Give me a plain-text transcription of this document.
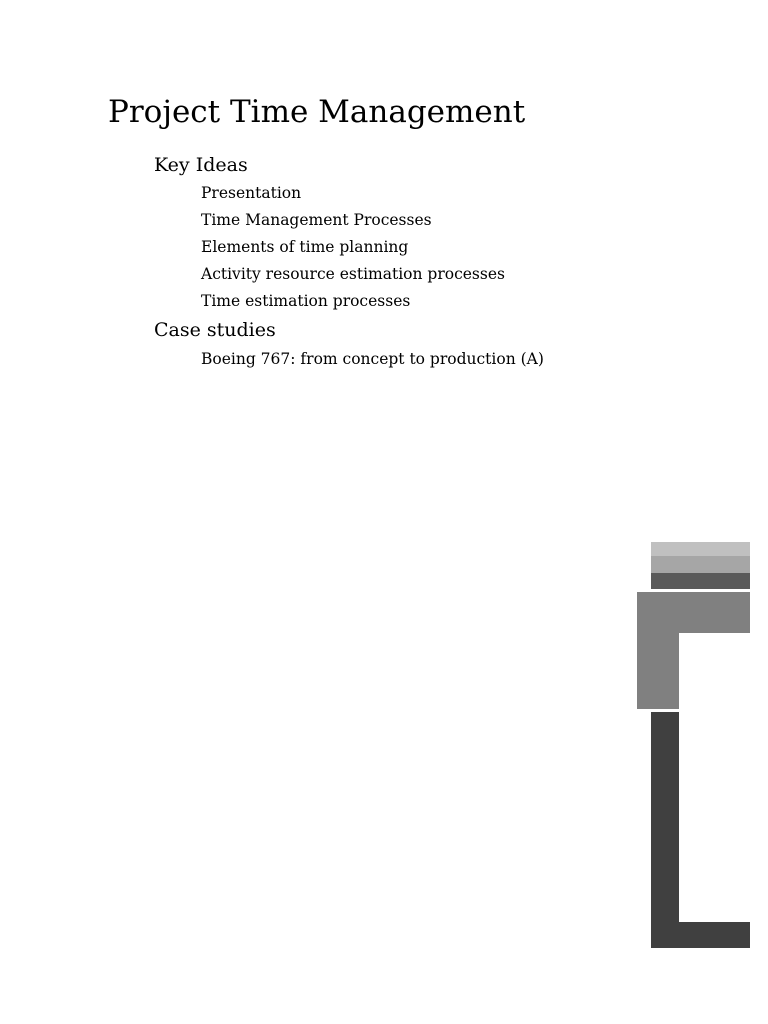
Project Time Management
Key Ideas
Presentation
Time Management Processes
Elements of time planning
Activity resource estimation processes
Time estimation processes
Case studies
Boeing 767: from concept to production (A)
